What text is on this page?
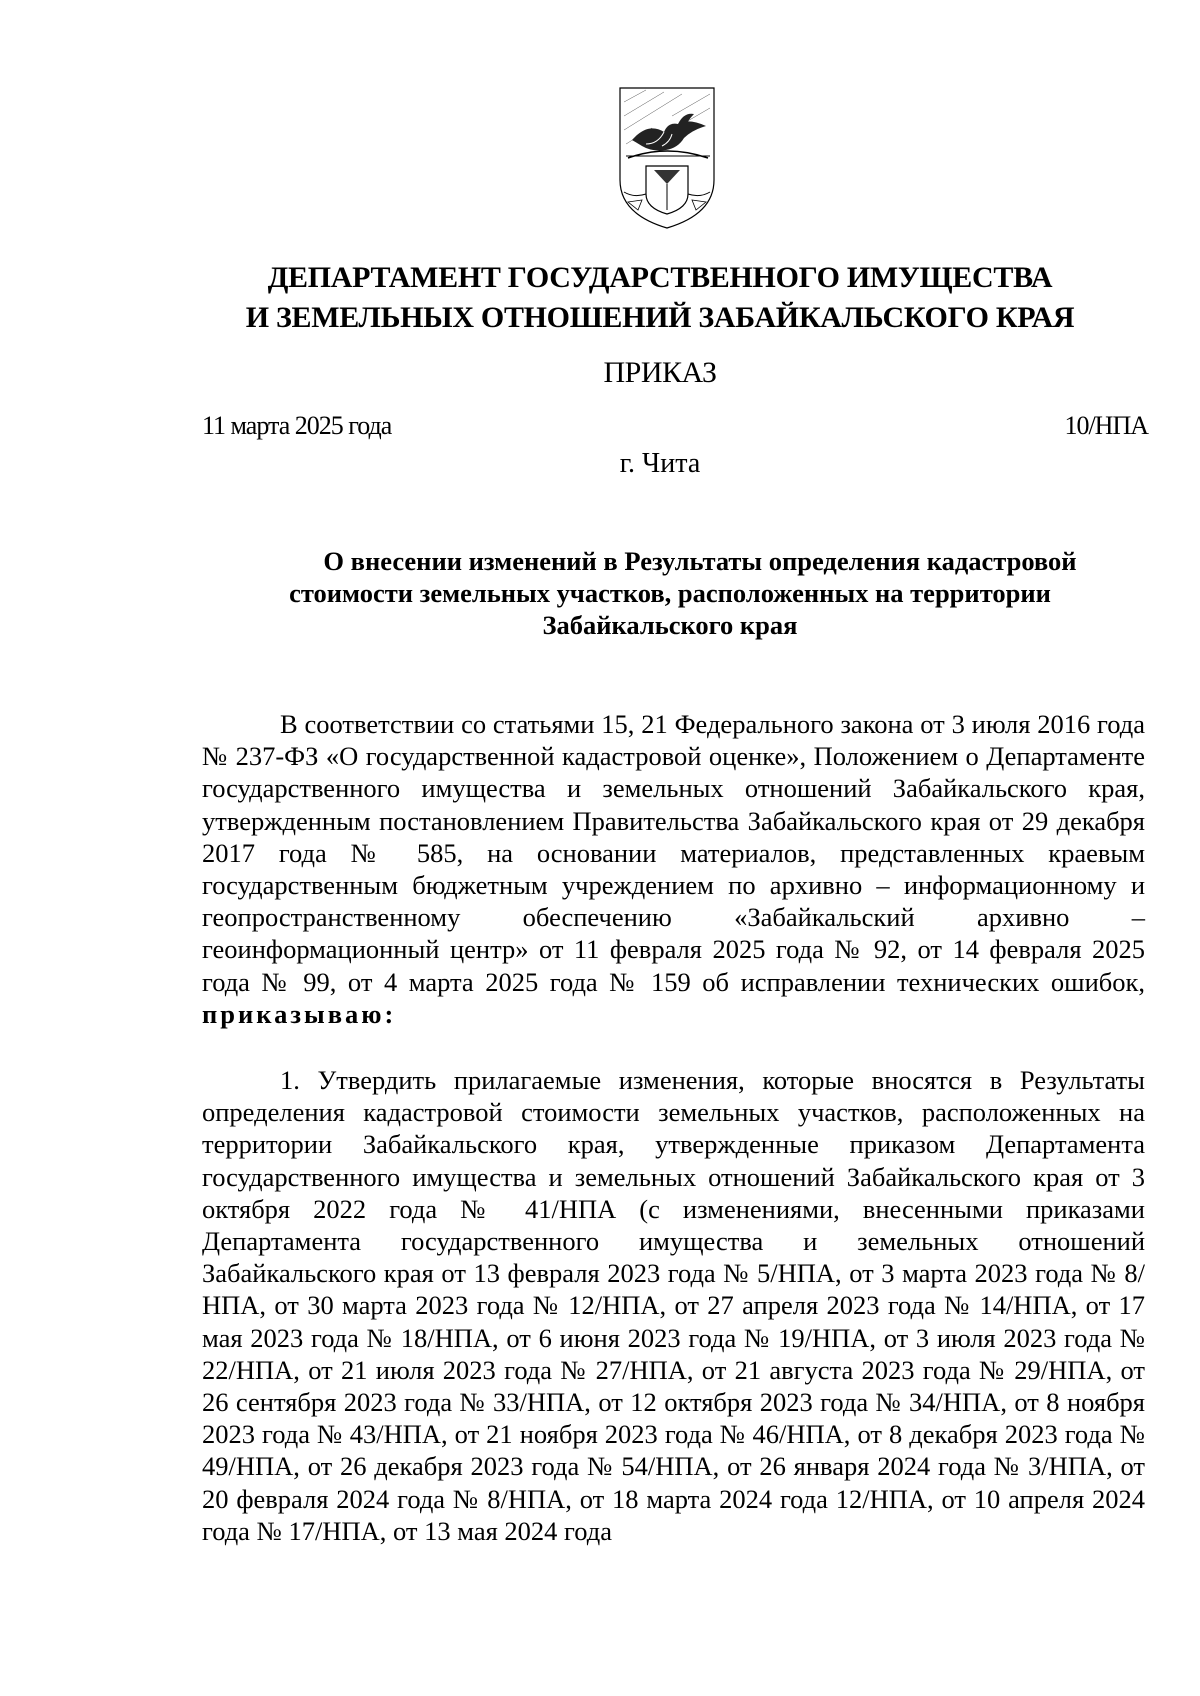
ДЕПАРТАМЕНТ ГОСУДАРСТВЕННОГО ИМУЩЕСТВА
И ЗЕМЕЛЬНЫХ ОТНОШЕНИЙ ЗАБАЙКАЛЬСКОГО КРАЯ
ПРИКАЗ
11 марта 2025 года	10/НПА
г. Чита
О внесении изменений в Результаты определения кадастровой
стоимости земельных участков, расположенных на территории
Забайкальского края
В соответствии со статьями 15, 21 Федерального закона от 3 июля 2016 года № 237-ФЗ «О государственной кадастровой оценке», Положением о Департаменте государственного имущества и земельных отношений Забайкальского края, утвержденным постановлением Правительства Забайкальского края от 29 декабря 2017 года № 585, на основании материалов, представленных краевым государственным бюджетным учреждением по архивно – информационному и геопространственному обеспечению «Забайкальский архивно – геоинформационный центр» от 11 февраля 2025 года № 92, от 14 февраля 2025 года № 99, от 4 марта 2025 года № 159 об исправлении технических ошибок, приказываю:
1. Утвердить прилагаемые изменения, которые вносятся в Результаты определения кадастровой стоимости земельных участков, расположенных на территории Забайкальского края, утвержденные приказом Департамента государственного имущества и земельных отношений Забайкальского края от 3 октября 2022 года № 41/НПА (с изменениями, внесенными приказами Департамента государственного имущества и земельных отношений Забайкальского края от 13 февраля 2023 года № 5/НПА, от 3 марта 2023 года № 8/НПА, от 30 марта 2023 года № 12/НПА, от 27 апреля 2023 года № 14/НПА, от 17 мая 2023 года № 18/НПА, от 6 июня 2023 года № 19/НПА, от 3 июля 2023 года № 22/НПА, от 21 июля 2023 года № 27/НПА, от 21 августа 2023 года № 29/НПА, от 26 сентября 2023 года № 33/НПА, от 12 октября 2023 года № 34/НПА, от 8 ноября 2023 года № 43/НПА, от 21 ноября 2023 года № 46/НПА, от 8 декабря 2023 года № 49/НПА, от 26 декабря 2023 года № 54/НПА, от 26 января 2024 года № 3/НПА, от 20 февраля 2024 года № 8/НПА, от 18 марта 2024 года 12/НПА, от 10 апреля 2024 года № 17/НПА, от 13 мая 2024 года
